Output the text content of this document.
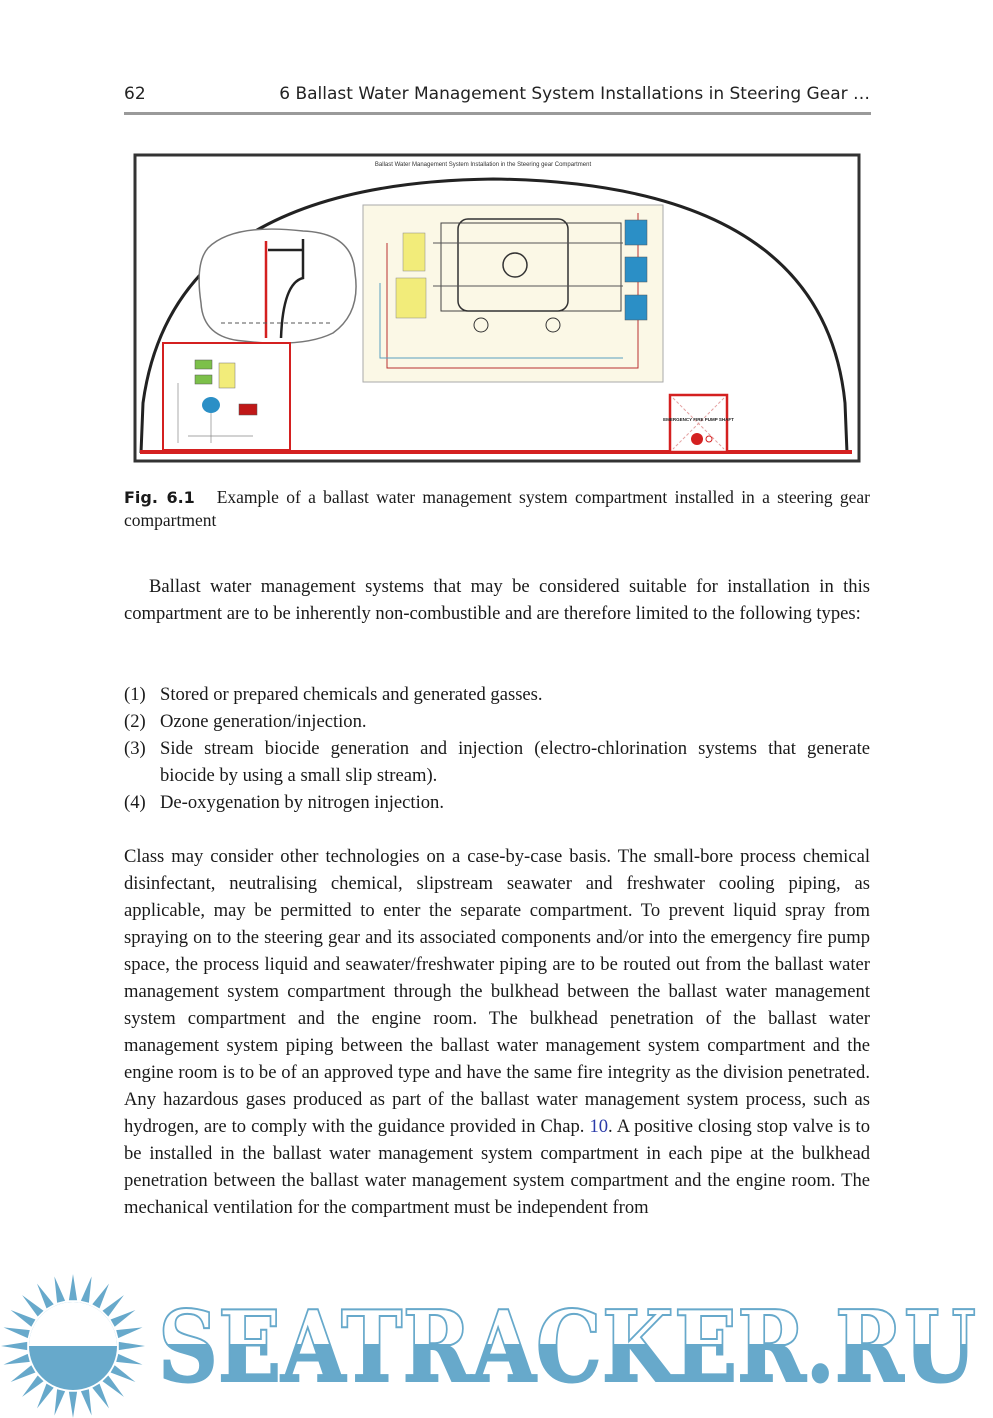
62	6 Ballast Water Management System Installations in Steering Gear …
Ballast Water Management System Installation in the Steering gear Compartment
EMERGENCY FIRE PUMP SHAFT
Fig. 6.1 Example of a ballast water management system compartment installed in a steering gear compartment
Ballast water management systems that may be considered suitable for installation in this compartment are to be inherently non-combustible and are therefore limited to the following types:
(1) Stored or prepared chemicals and generated gasses.
(2) Ozone generation/injection.
(3) Side stream biocide generation and injection (electro-chlorination systems that generate biocide by using a small slip stream).
(4) De-oxygenation by nitrogen injection.
Class may consider other technologies on a case-by-case basis. The small-bore process chemical disinfectant, neutralising chemical, slipstream seawater and freshwater cooling piping, as applicable, may be permitted to enter the separate compartment. To prevent liquid spray from spraying on to the steering gear and its associated components and/or into the emergency fire pump space, the process liquid and seawater/freshwater piping are to be routed out from the ballast water management system compartment through the bulkhead between the ballast water management system compartment and the engine room. The bulkhead penetration of the ballast water management system piping between the ballast water management system compartment and the engine room is to be of an approved type and have the same fire integrity as the division penetrated. Any hazardous gases produced as part of the ballast water management system process, such as hydrogen, are to comply with the guidance provided in Chap. 10. A positive closing stop valve is to be installed in the ballast water management system compartment in each pipe at the bulkhead penetration between the ballast water management system compartment and the engine room. The mechanical ventilation for the compartment must be independent from
SEATRACKER.RU
